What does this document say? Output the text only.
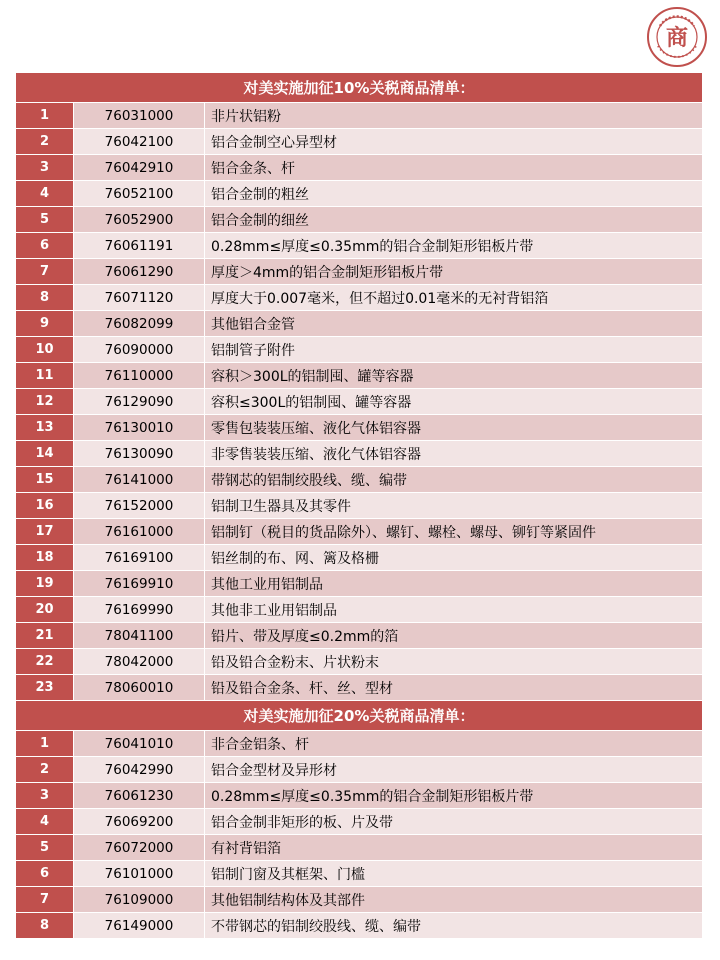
商
对美实施加征10%关税商品清单：
1	76031000	非片状铝粉
2	76042100	铝合金制空心异型材
3	76042910	铝合金条、杆
4	76052100	铝合金制的粗丝
5	76052900	铝合金制的细丝
6	76061191	0.28mm≤厚度≤0.35mm的铝合金制矩形铝板片带
7	76061290	厚度＞4mm的铝合金制矩形铝板片带
8	76071120	厚度大于0.007毫米，但不超过0.01毫米的无衬背铝箔
9	76082099	其他铝合金管
10	76090000	铝制管子附件
11	76110000	容积＞300L的铝制囤、罐等容器
12	76129090	容积≤300L的铝制囤、罐等容器
13	76130010	零售包装装压缩、液化气体铝容器
14	76130090	非零售装装压缩、液化气体铝容器
15	76141000	带钢芯的铝制绞股线、缆、编带
16	76152000	铝制卫生器具及其零件
17	76161000	铝制钉（税目的货品除外）、螺钉、螺栓、螺母、铆钉等紧固件
18	76169100	铝丝制的布、网、篱及格栅
19	76169910	其他工业用铝制品
20	76169990	其他非工业用铝制品
21	78041100	铅片、带及厚度≤0.2mm的箔
22	78042000	铅及铅合金粉末、片状粉末
23	78060010	铅及铅合金条、杆、丝、型材
对美实施加征20%关税商品清单：
1	76041010	非合金铝条、杆
2	76042990	铝合金型材及异形材
3	76061230	0.28mm≤厚度≤0.35mm的铝合金制矩形铝板片带
4	76069200	铝合金制非矩形的板、片及带
5	76072000	有衬背铝箔
6	76101000	铝制门窗及其框架、门槛
7	76109000	其他铝制结构体及其部件
8	76149000	不带钢芯的铝制绞股线、缆、编带
